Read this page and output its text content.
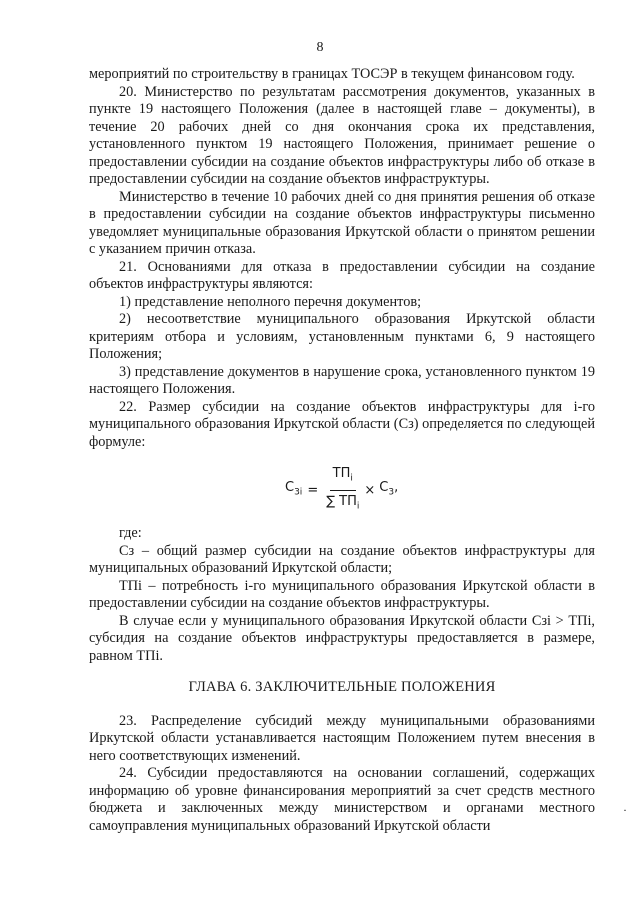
8

мероприятий по строительству в границах ТОСЭР в текущем финансовом году.

20. Министерство по результатам рассмотрения документов, указанных в пункте 19 настоящего Положения (далее в настоящей главе – документы), в течение 20 рабочих дней со дня окончания срока их представления, установленного пунктом 19 настоящего Положения, принимает решение о предоставлении субсидии на создание объектов инфраструктуры либо об отказе в предоставлении субсидии на создание объектов инфраструктуры.

Министерство в течение 10 рабочих дней со дня принятия решения об отказе в предоставлении субсидии на создание объектов инфраструктуры письменно уведомляет муниципальные образования Иркутской области о принятом решении с указанием причин отказа.

21. Основаниями для отказа в предоставлении субсидии на создание объектов инфраструктуры являются:

1) представление неполного перечня документов;

2) несоответствие муниципального образования Иркутской области критериям отбора и условиям, установленным пунктами 6, 9 настоящего Положения;

3) представление документов в нарушение срока, установленного пунктом 19 настоящего Положения.

22. Размер субсидии на создание объектов инфраструктуры для i-го муниципального образования Иркутской области (Cз) определяется по следующей формуле:

$С_{3i} = \frac{ТП_i}{\sum ТП_i} \times С_3$,

где:

Cз – общий размер субсидии на создание объектов инфраструктуры для муниципальных образований Иркутской области;

ТПi – потребность i-го муниципального образования Иркутской области в предоставлении субсидии на создание объектов инфраструктуры.

В случае если у муниципального образования Иркутской области Cзi > ТПi, субсидия на создание объектов инфраструктуры предоставляется в размере, равном ТПi.

ГЛАВА 6. ЗАКЛЮЧИТЕЛЬНЫЕ ПОЛОЖЕНИЯ

23. Распределение субсидий между муниципальными образованиями Иркутской области устанавливается настоящим Положением путем внесения в него соответствующих изменений.

24. Субсидии предоставляются на основании соглашений, содержащих информацию об уровне финансирования мероприятий за счет средств местного бюджета и заключенных между министерством и органами местного самоуправления муниципальных образований Иркутской области

·
